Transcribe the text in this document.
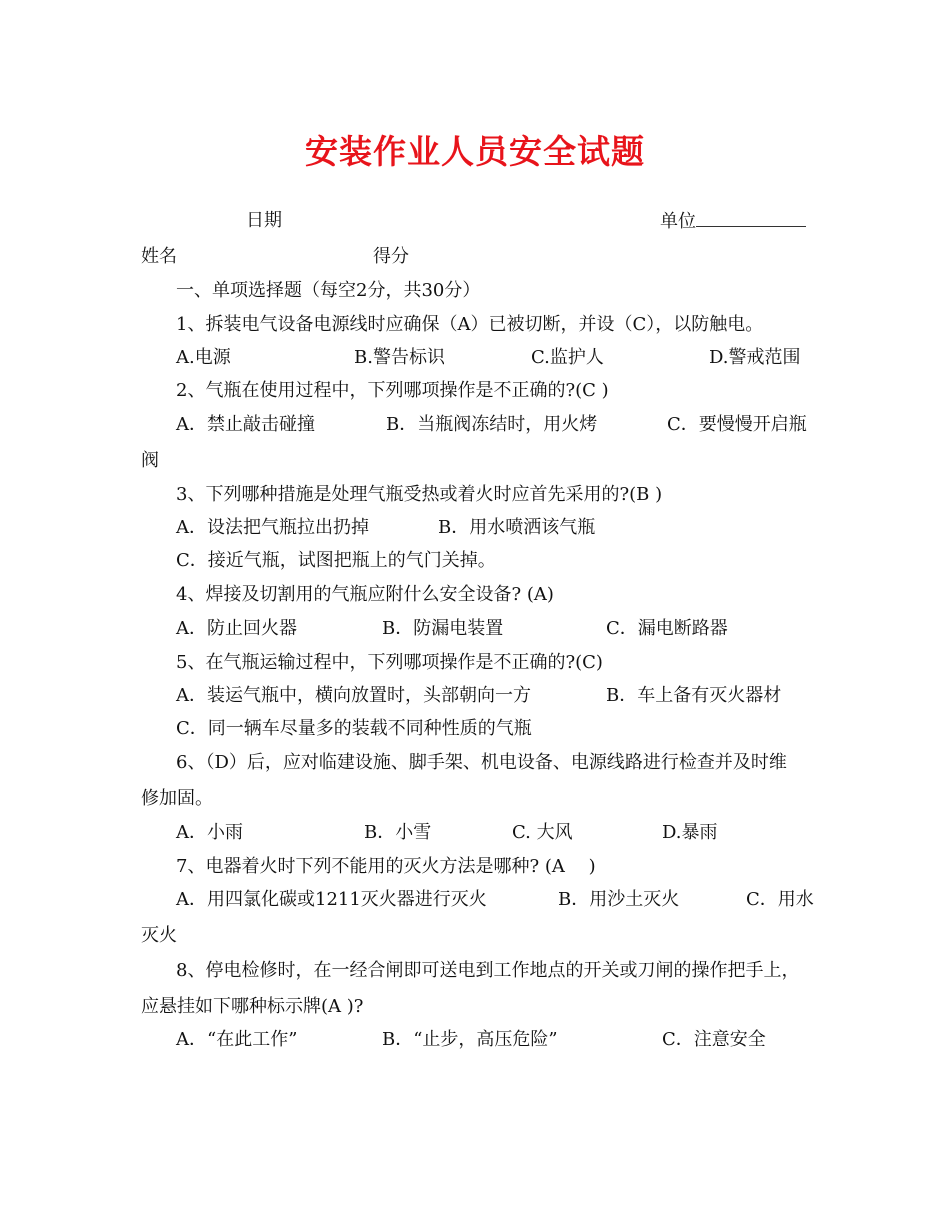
安装作业人员安全试题
日期	单位
姓名	得分
一、单项选择题（每空2分，共30分）
1、拆装电气设备电源线时应确保（A）已被切断，并设（C），以防触电。
A.电源	B.警告标识	C.监护人	D.警戒范围
2、气瓶在使用过程中，下列哪项操作是不正确的?(C )
A．禁止敲击碰撞	B．当瓶阀冻结时，用火烤	C．要慢慢开启瓶
阀
3、下列哪种措施是处理气瓶受热或着火时应首先采用的?(B )
A．设法把气瓶拉出扔掉	B．用水喷洒该气瓶
C．接近气瓶，试图把瓶上的气门关掉。
4、焊接及切割用的气瓶应附什么安全设备? (A)
A．防止回火器	B．防漏电装置	C．漏电断路器
5、在气瓶运输过程中，下列哪项操作是不正确的?(C)
A．装运气瓶中，横向放置时，头部朝向一方	B．车上备有灭火器材
C．同一辆车尽量多的装载不同种性质的气瓶
6、（D）后，应对临建设施、脚手架、机电设备、电源线路进行检查并及时维
修加固。
A．小雨	B．小雪	C. 大风	D.暴雨
7、电器着火时下列不能用的灭火方法是哪种? (A　 )
A．用四氯化碳或1211灭火器进行灭火	B．用沙土灭火	C．用水
灭火
8、停电检修时，在一经合闸即可送电到工作地点的开关或刀闸的操作把手上，
应悬挂如下哪种标示牌(A )?
A．“在此工作”	B．“止步，高压危险”	C．注意安全
